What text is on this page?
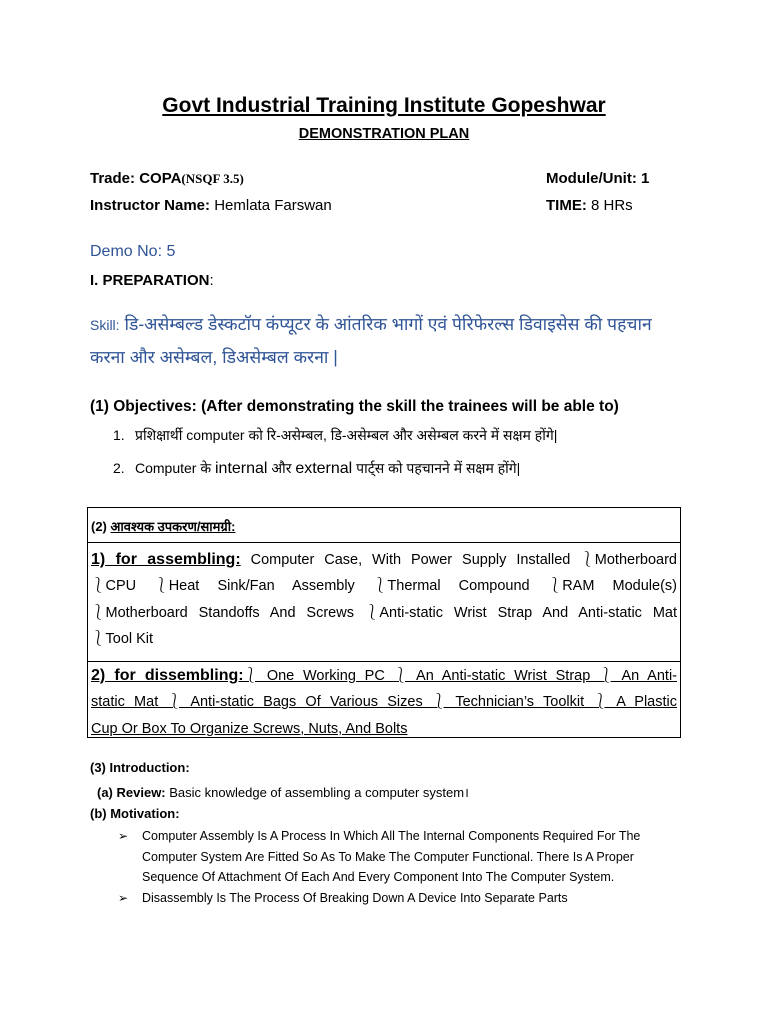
Govt Industrial Training Institute Gopeshwar
DEMONSTRATION PLAN
Trade: COPA(NSQF 3.5)	Module/Unit: 1
Instructor Name: Hemlata Farswan	TIME: 8 HRs
Demo No: 5
I. PREPARATION:
Skill: डि-असेम्बल्ड डेस्कटॉप कंप्यूटर के आंतरिक भागों एवं पेरिफेरल्स डिवाइसेस की पहचान करना और असेम्बल, डिअसेम्बल करना |
(1) Objectives: (After demonstrating the skill the trainees will be able to)
1. प्रशिक्षार्थी computer को रि-असेम्बल, डि-असेम्बल और असेम्बल करने में सक्षम होंगे|
2. Computer के internal और external पार्ट्स को पहचानने में सक्षम होंगे|
(2) आवश्यक उपकरण/सामग्री:
1) for assembling: Computer Case, With Power Supply Installed ⎱Motherboard
⎱CPU ⎱Heat Sink/Fan Assembly ⎱Thermal Compound ⎱RAM Module(s)
⎱Motherboard Standoffs And Screws ⎱Anti-static Wrist Strap And Anti-static Mat
⎱Tool Kit
2) for dissembling:⎱ One Working PC ⎱ An Anti-static Wrist Strap ⎱ An Anti-
static Mat ⎱ Anti-static Bags Of Various Sizes ⎱ Technician’s Toolkit ⎱ A Plastic
Cup Or Box To Organize Screws, Nuts, And Bolts
(3) Introduction:
(a) Review: Basic knowledge of assembling a computer system।
(b) Motivation:
➢ Computer Assembly Is A Process In Which All The Internal Components Required For The Computer System Are Fitted So As To Make The Computer Functional. There Is A Proper Sequence Of Attachment Of Each And Every Component Into The Computer System.
➢ Disassembly Is The Process Of Breaking Down A Device Into Separate Parts
